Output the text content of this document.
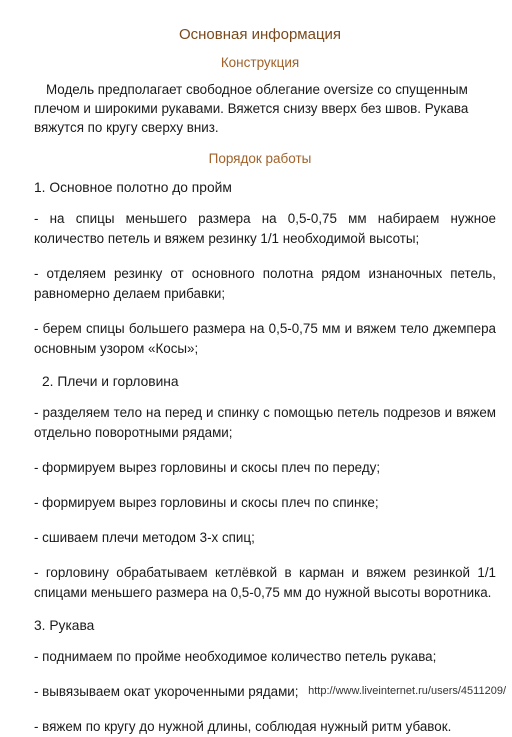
Основная информация
Конструкция
Модель предполагает свободное облегание oversize со спущенным плечом и широкими рукавами. Вяжется снизу вверх без швов. Рукава вяжутся по кругу сверху вниз.
Порядок работы
1. Основное полотно до пройм
- на спицы меньшего размера на 0,5-0,75 мм набираем нужное количество петель и вяжем резинку 1/1 необходимой высоты;
- отделяем резинку от основного полотна рядом изнаночных петель, равномерно делаем прибавки;
- берем спицы большего размера на 0,5-0,75 мм и вяжем тело джемпера основным узором «Косы»;
2. Плечи и горловина
- разделяем тело на перед и спинку с помощью петель подрезов и вяжем отдельно поворотными рядами;
- формируем вырез горловины и скосы плеч по переду;
- формируем вырез горловины и скосы плеч по спинке;
- сшиваем плечи методом 3-х спиц;
- горловину обрабатываем кетлёвкой в карман и вяжем резинкой 1/1 спицами меньшего размера на 0,5-0,75 мм до нужной высоты воротника.
3. Рукава
- поднимаем по пройме необходимое количество петель рукава;
- вывязываем окат укороченными рядами;
- вяжем по кругу до нужной длины, соблюдая нужный ритм убавок.
http://www.liveinternet.ru/users/4511209/
